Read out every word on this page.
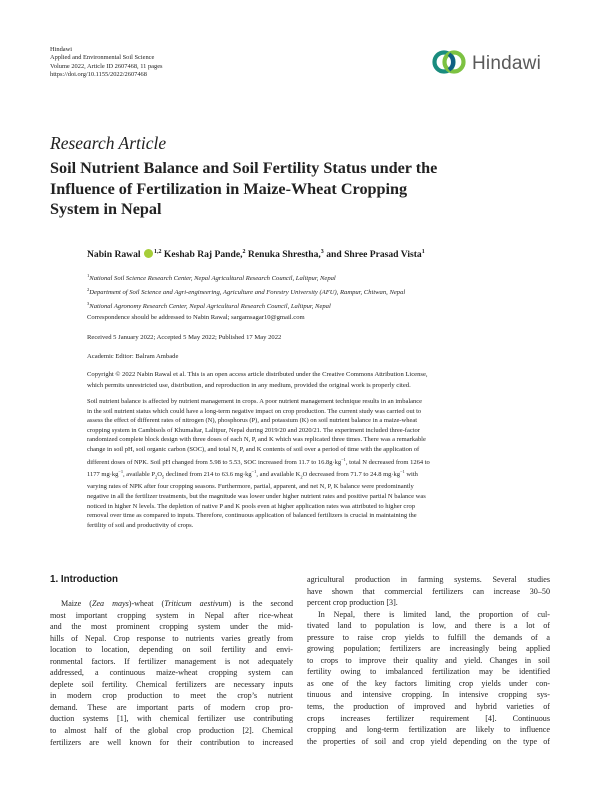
Hindawi
Applied and Environmental Soil Science
Volume 2022, Article ID 2607468, 11 pages
https://doi.org/10.1155/2022/2607468
Hindawi
Research Article
Soil Nutrient Balance and Soil Fertility Status under the
Influence of Fertilization in Maize-Wheat Cropping
System in Nepal
Nabin Rawal $^{1,2}$ Keshab Raj Pande,$^2$ Renuka Shrestha,$^3$ and Shree Prasad Vista$^1$
$^1$National Soil Science Research Center, Nepal Agricultural Research Council, Lalitpur, Nepal
$^2$Department of Soil Science and Agri-engineering, Agriculture and Forestry University (AFU), Rampur, Chitwan, Nepal
$^3$National Agronomy Research Center, Nepal Agricultural Research Council, Lalitpur, Nepal
Correspondence should be addressed to Nabin Rawal; sargamsagar10@gmail.com
Received 5 January 2022; Accepted 5 May 2022; Published 17 May 2022
Academic Editor: Balram Ambade
Copyright © 2022 Nabin Rawal et al. This is an open access article distributed under the Creative Commons Attribution License,
which permits unrestricted use, distribution, and reproduction in any medium, provided the original work is properly cited.
Soil nutrient balance is affected by nutrient management in crops. A poor nutrient management technique results in an imbalance
in the soil nutrient status which could have a long-term negative impact on crop production. The current study was carried out to
assess the effect of different rates of nitrogen (N), phosphorus (P), and potassium (K) on soil nutrient balance in a maize-wheat
cropping system in Cambisols of Khumaltar, Lalitpur, Nepal during 2019/20 and 2020/21. The experiment included three-factor
randomized complete block design with three doses of each N, P, and K which was replicated three times. There was a remarkable
change in soil pH, soil organic carbon (SOC), and total N, P, and K contents of soil over a period of time with the application of
different doses of NPK. Soil pH changed from 5.98 to 5.53, SOC increased from 11.7 to $16.8g\cdot kg^{-1}$, total N decreased from 1264 to
1177 $mg\cdot kg^{-1}$, available $P_2O_5$ declined from 214 to 63.6 $mg\cdot kg^{-1}$, and available $K_2O$ decreased from 71.7 to 24.8 $mg\cdot kg^{-1}$ with
varying rates of NPK after four cropping seasons. Furthermore, partial, apparent, and net N, P, K balance were predominantly
negative in all the fertilizer treatments, but the magnitude was lower under higher nutrient rates and positive partial N balance was
noticed in higher N levels. The depletion of native P and K pools even at higher application rates was attributed to higher crop
removal over time as compared to inputs. Therefore, continuous application of balanced fertilizers is crucial in maintaining the
fertility of soil and productivity of crops.
1. Introduction
Maize (Zea mays)-wheat (Triticum aestivum) is the second
most important cropping system in Nepal after rice-wheat
and the most prominent cropping system under the mid-
hills of Nepal. Crop response to nutrients varies greatly from
location to location, depending on soil fertility and envi-
ronmental factors. If fertilizer management is not adequately
addressed, a continuous maize-wheat cropping system can
deplete soil fertility. Chemical fertilizers are necessary inputs
in modern crop production to meet the crop’s nutrient
demand. These are important parts of modern crop pro-
duction systems [1], with chemical fertilizer use contributing
to almost half of the global crop production [2]. Chemical
fertilizers are well known for their contribution to increased
agricultural production in farming systems. Several studies
have shown that commercial fertilizers can increase 30–50
percent crop production [3].
In Nepal, there is limited land, the proportion of cul-
tivated land to population is low, and there is a lot of
pressure to raise crop yields to fulfill the demands of a
growing population; fertilizers are increasingly being applied
to crops to improve their quality and yield. Changes in soil
fertility owing to imbalanced fertilization may be identified
as one of the key factors limiting crop yields under con-
tinuous and intensive cropping. In intensive cropping sys-
tems, the production of improved and hybrid varieties of
crops increases fertilizer requirement [4]. Continuous
cropping and long-term fertilization are likely to influence
the properties of soil and crop yield depending on the type of
